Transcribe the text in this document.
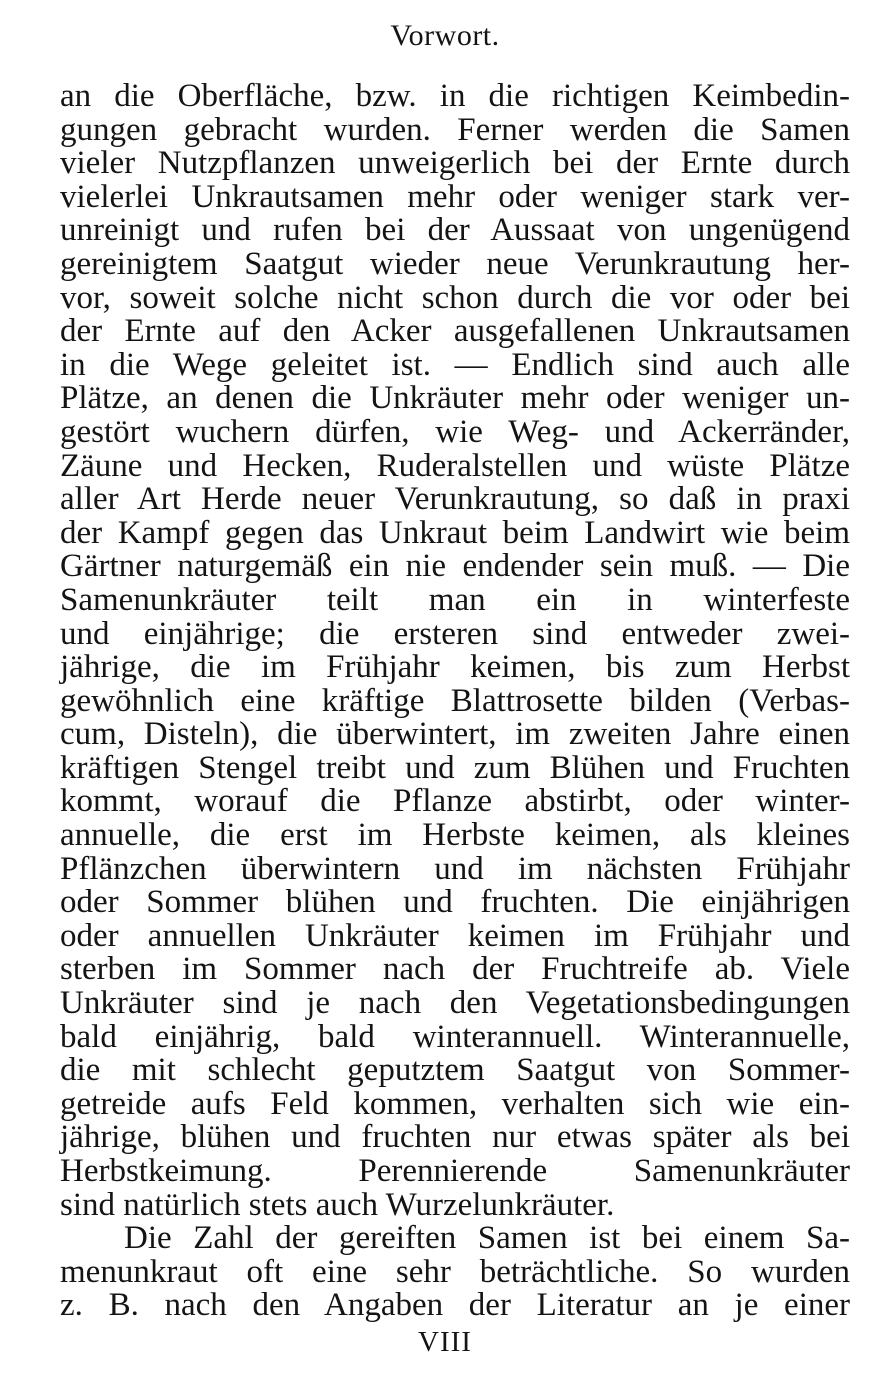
Vorwort.
an die Oberfläche, bzw. in die richtigen Keimbedin-
gungen gebracht wurden. Ferner werden die Samen
vieler Nutzpflanzen unweigerlich bei der Ernte durch
vielerlei Unkrautsamen mehr oder weniger stark ver-
unreinigt und rufen bei der Aussaat von ungenügend
gereinigtem Saatgut wieder neue Verunkrautung her-
vor, soweit solche nicht schon durch die vor oder bei
der Ernte auf den Acker ausgefallenen Unkrautsamen
in die Wege geleitet ist. — Endlich sind auch alle
Plätze, an denen die Unkräuter mehr oder weniger un-
gestört wuchern dürfen, wie Weg- und Ackerränder,
Zäune und Hecken, Ruderalstellen und wüste Plätze
aller Art Herde neuer Verunkrautung, so daß in praxi
der Kampf gegen das Unkraut beim Landwirt wie beim
Gärtner naturgemäß ein nie endender sein muß. — Die
Samenunkräuter teilt man ein in winterfeste
und einjährige; die ersteren sind entweder zwei-
jährige, die im Frühjahr keimen, bis zum Herbst
gewöhnlich eine kräftige Blattrosette bilden (Verbas-
cum, Disteln), die überwintert, im zweiten Jahre einen
kräftigen Stengel treibt und zum Blühen und Fruchten
kommt, worauf die Pflanze abstirbt, oder winter-
annuelle, die erst im Herbste keimen, als kleines
Pflänzchen überwintern und im nächsten Frühjahr
oder Sommer blühen und fruchten. Die einjährigen
oder annuellen Unkräuter keimen im Frühjahr und
sterben im Sommer nach der Fruchtreife ab. Viele
Unkräuter sind je nach den Vegetationsbedingungen
bald einjährig, bald winterannuell. Winterannuelle,
die mit schlecht geputztem Saatgut von Sommer-
getreide aufs Feld kommen, verhalten sich wie ein-
jährige, blühen und fruchten nur etwas später als bei
Herbstkeimung. Perennierende Samenunkräuter
sind natürlich stets auch Wurzelunkräuter.
Die Zahl der gereiften Samen ist bei einem Sa-
menunkraut oft eine sehr beträchtliche. So wurden
z. B. nach den Angaben der Literatur an je einer
VIII
